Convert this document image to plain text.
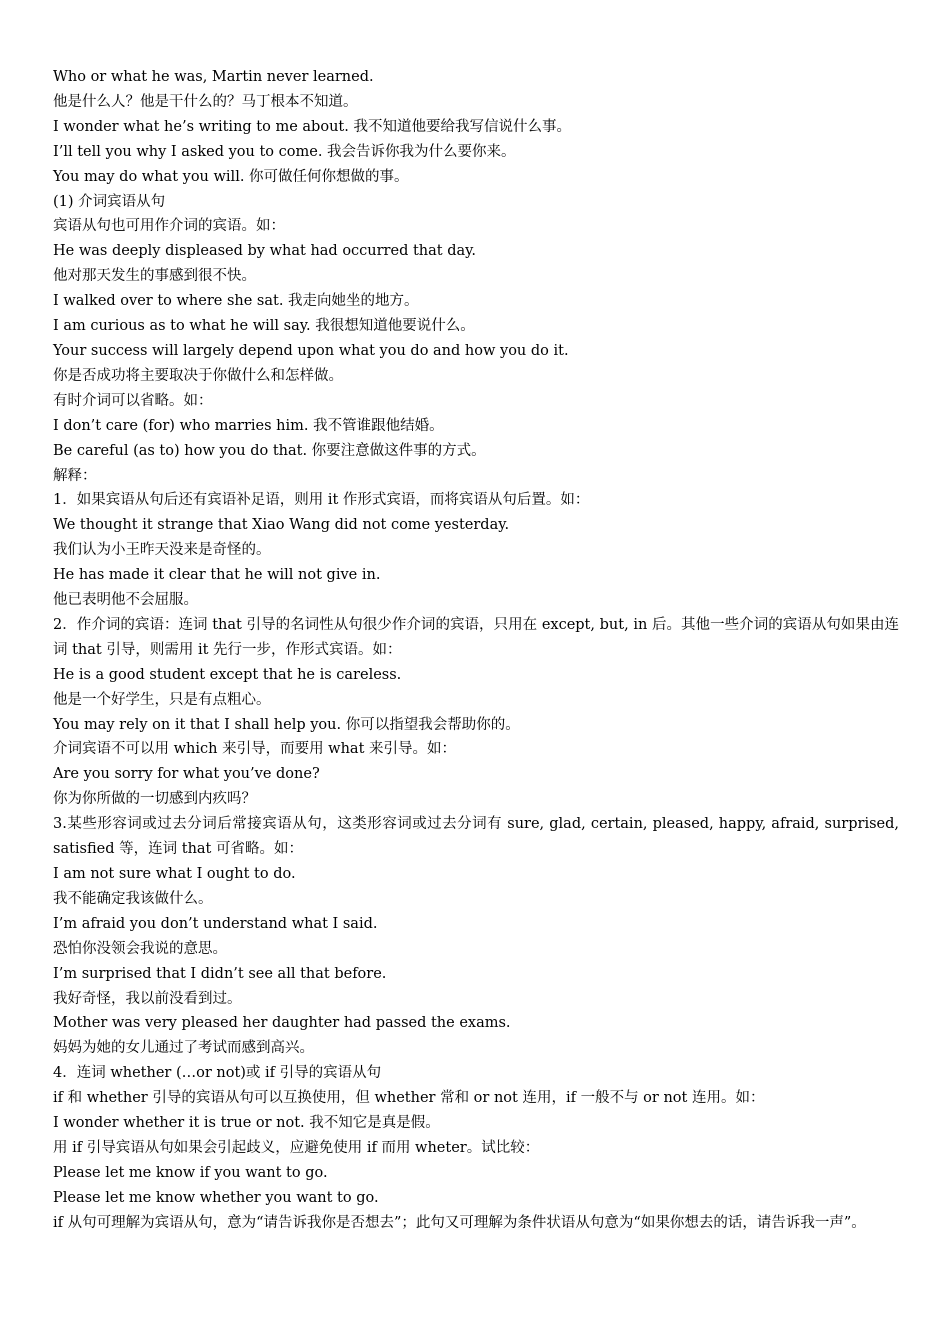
Who or what he was, Martin never learned.
他是什么人？他是干什么的？马丁根本不知道。
I wonder what he’s writing to me about. 我不知道他要给我写信说什么事。
I’ll tell you why I asked you to come. 我会告诉你我为什么要你来。
You may do what you will. 你可做任何你想做的事。
(1) 介词宾语从句
宾语从句也可用作介词的宾语。如：
He was deeply displeased by what had occurred that day.
他对那天发生的事感到很不快。
I walked over to where she sat. 我走向她坐的地方。
I am curious as to what he will say. 我很想知道他要说什么。
Your success will largely depend upon what you do and how you do it.
你是否成功将主要取决于你做什么和怎样做。
有时介词可以省略。如：
I don’t care (for) who marries him. 我不管谁跟他结婚。
Be careful (as to) how you do that. 你要注意做这件事的方式。
解释：
1．如果宾语从句后还有宾语补足语，则用 it 作形式宾语，而将宾语从句后置。如：
We thought it strange that Xiao Wang did not come yesterday.
我们认为小王昨天没来是奇怪的。
He has made it clear that he will not give in.
他已表明他不会屈服。
2．作介词的宾语：连词 that 引导的名词性从句很少作介词的宾语，只用在 except, but, in 后。其他一些介词的宾语从句如果由连词 that 引导，则需用 it 先行一步，作形式宾语。如：
He is a good student except that he is careless.
他是一个好学生，只是有点粗心。
You may rely on it that I shall help you. 你可以指望我会帮助你的。
介词宾语不可以用 which 来引导，而要用 what 来引导。如：
Are you sorry for what you’ve done?
你为你所做的一切感到内疚吗？
3.某些形容词或过去分词后常接宾语从句，这类形容词或过去分词有 sure, glad, certain, pleased, happy, afraid, surprised, satisfied 等，连词 that 可省略。如：
I am not sure what I ought to do.
我不能确定我该做什么。
I’m afraid you don’t understand what I said.
恐怕你没领会我说的意思。
I’m surprised that I didn’t see all that before.
我好奇怪，我以前没看到过。
Mother was very pleased her daughter had passed the exams.
妈妈为她的女儿通过了考试而感到高兴。
4．连词 whether (…or not)或 if 引导的宾语从句
if 和 whether 引导的宾语从句可以互换使用，但 whether 常和 or not 连用，if 一般不与 or not 连用。如：
I wonder whether it is true or not. 我不知它是真是假。
用 if 引导宾语从句如果会引起歧义，应避免使用 if 而用 wheter。试比较：
Please let me know if you want to go.
Please let me know whether you want to go.
if 从句可理解为宾语从句，意为“请告诉我你是否想去”；此句又可理解为条件状语从句意为“如果你想去的话，请告诉我一声”。
